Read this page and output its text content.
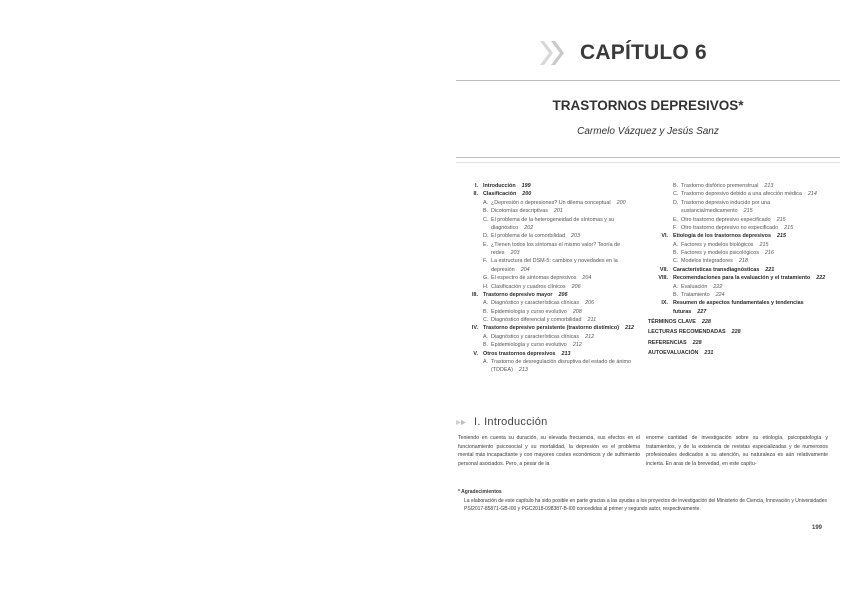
CAPÍTULO 6
TRASTORNOS DEPRESIVOS*
Carmelo Vázquez y Jesús Sanz
I. Introducción 199
II. Clasificación 200
A. ¿Depresión o depresiones? Un dilema conceptual 200
B. Dicotomías descriptivas 201
C. El problema de la heterogeneidad de síntomas y su diagnóstico 202
D. El problema de la comorbilidad 203
E. ¿Tienen todos los síntomas el mismo valor? Teoría de redes 203
F. La estructura del DSM-5: cambios y novedades en la depresión 204
G. El espectro de síntomas depresivos 204
H. Clasificación y cuadros clínicos 206
III. Trastorno depresivo mayor 206
A. Diagnóstico y características clínicas 206
B. Epidemiología y curso evolutivo 208
C. Diagnóstico diferencial y comorbilidad 211
IV. Trastorno depresivo persistente (trastorno distímico) 212
A. Diagnóstico y características clínicas 212
B. Epidemiología y curso evolutivo 212
V. Otros trastornos depresivos 213
A. Trastorno de desregulación disruptiva del estado de ánimo (TDDEA) 213
B. Trastorno disfórico premenstrual 213
C. Trastorno depresivo debido a una afección médica 214
D. Trastorno depresivo inducido por una sustancia/medicamento 215
E. Otro trastorno depresivo especificado 215
F. Otro trastorno depresivo no especificado 215
VI. Etiología de los trastornos depresivos 215
A. Factores y modelos biológicos 215
B. Factores y modelos psicológicos 216
C. Modelos integradores 218
VII. Características transdiagnósticas 221
VIII. Recomendaciones para la evaluación y el tratamiento 222
A. Evaluación 222
B. Tratamiento 224
IX. Resumen de aspectos fundamentales y tendencias futuras 227
TÉRMINOS CLAVE 228
LECTURAS RECOMENDADAS 228
REFERENCIAS 228
AUTOEVALUACIÓN 231
I. Introducción
Teniendo en cuenta su duración, su elevada frecuencia, sus efectos en el funcionamiento psicosocial y su mortalidad, la depresión es el problema mental más incapacitante y con mayores costes económicos y de sufrimiento personal asociados. Pero, a pesar de la
enorme cantidad de investigación sobre su etiología, psicopatología y tratamientos, y de la existencia de revistas especializadas y de numerosos profesionales dedicados a su atención, su naturaleza es aún relativamente incierta. En aras de la brevedad, en este capítu-
* Agradecimientos
La elaboración de este capítulo ha sido posible en parte gracias a las ayudas a los proyectos de investigación del Ministerio de Ciencia, Innovación y Universidades PSI2017-85871-GB-I00 y PGC2018-098387-B-I00 concedidas al primer y segundo autor, respectivamente.
199
